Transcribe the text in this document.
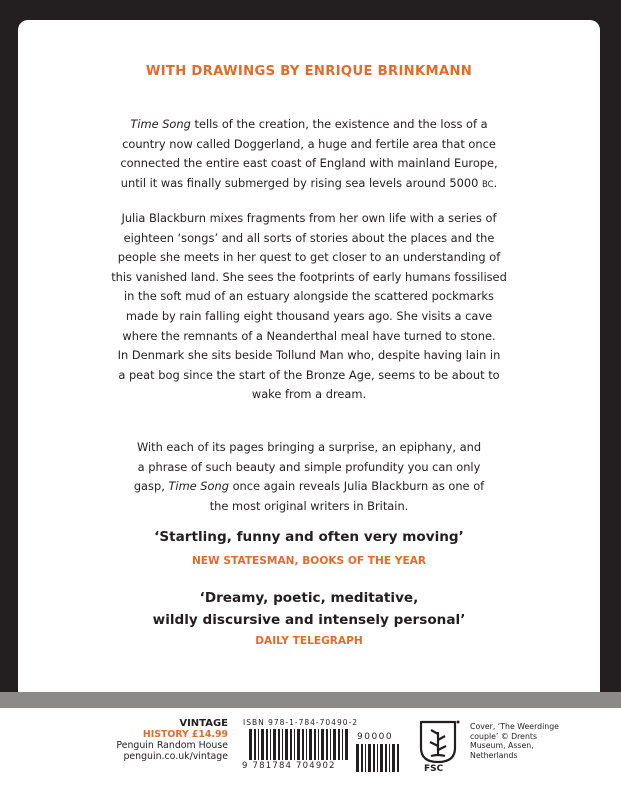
WITH DRAWINGS BY ENRIQUE BRINKMANN

Time Song tells of the creation, the existence and the loss of a
country now called Doggerland, a huge and fertile area that once
connected the entire east coast of England with mainland Europe,
until it was finally submerged by rising sea levels around 5000 BC.

Julia Blackburn mixes fragments from her own life with a series of
eighteen ‘songs’ and all sorts of stories about the places and the
people she meets in her quest to get closer to an understanding of
this vanished land. She sees the footprints of early humans fossilised
in the soft mud of an estuary alongside the scattered pockmarks
made by rain falling eight thousand years ago. She visits a cave
where the remnants of a Neanderthal meal have turned to stone.
In Denmark she sits beside Tollund Man who, despite having lain in
a peat bog since the start of the Bronze Age, seems to be about to
wake from a dream.

With each of its pages bringing a surprise, an epiphany, and
a phrase of such beauty and simple profundity you can only
gasp, Time Song once again reveals Julia Blackburn as one of
the most original writers in Britain.

‘Startling, funny and often very moving’

NEW STATESMAN, BOOKS OF THE YEAR

‘Dreamy, poetic, meditative,
wildly discursive and intensely personal’

DAILY TELEGRAPH
VINTAGE
HISTORY £14.99
Penguin Random House
penguin.co.uk/vintage
ISBN 978-1-784-70490-2
9 781784 704902
90000
FSC
Cover, ‘The Weerdinge
couple’ © Drents
Museum, Assen,
Netherlands
